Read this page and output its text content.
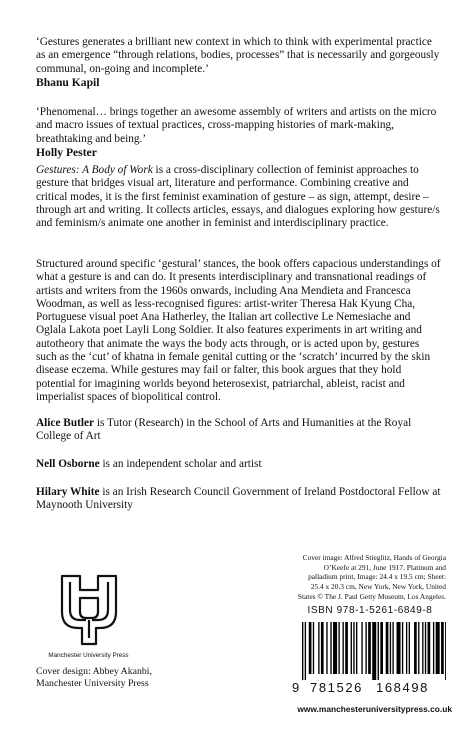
‘Gestures generates a brilliant new context in which to think with experimental practice as an emergence “through relations, bodies, processes” that is necessarily and gorgeously communal, on-going and incomplete.’

Bhanu Kapil

‘Phenomenal… brings together an awesome assembly of writers and artists on the micro and macro issues of textual practices, cross-mapping histories of mark-making, breathtaking and being.’

Holly Pester

Gestures: A Body of Work is a cross-disciplinary collection of feminist approaches to gesture that bridges visual art, literature and performance. Combining creative and critical modes, it is the first feminist examination of gesture – as sign, attempt, desire – through art and writing. It collects articles, essays, and dialogues exploring how gesture/s and feminism/s animate one another in feminist and interdisciplinary practice.

Structured around specific ‘gestural’ stances, the book offers capacious understandings of what a gesture is and can do. It presents interdisciplinary and transnational readings of artists and writers from the 1960s onwards, including Ana Mendieta and Francesca Woodman, as well as less-recognised figures: artist-writer Theresa Hak Kyung Cha, Portuguese visual poet Ana Hatherley, the Italian art collective Le Nemesiache and Oglala Lakota poet Layli Long Soldier. It also features experiments in art writing and autotheory that animate the ways the body acts through, or is acted upon by, gestures such as the ‘cut’ of khatna in female genital cutting or the ‘scratch’ incurred by the skin disease eczema. While gestures may fail or falter, this book argues that they hold potential for imagining worlds beyond heterosexist, patriarchal, ableist, racist and imperialist spaces of biopolitical control.

Alice Butler is Tutor (Research) in the School of Arts and Humanities at the Royal College of Art

Nell Osborne is an independent scholar and artist

Hilary White is an Irish Research Council Government of Ireland Postdoctoral Fellow at Maynooth University

Cover image: Alfred Stieglitz, Hands of Georgia O’Keefe at 291, June 1917. Platinum and palladium print, Image: 24.4 x 19.5 cm; Sheet: 25.4 x 20.3 cm, New York, New York, United States © The J. Paul Getty Museum, Los Angeles.

ISBN 978-1-5261-6849-8
9 781526 168498
www.manchesteruniversitypress.co.uk
Manchester University Press
Cover design: Abbey Akanbi,
Manchester University Press
